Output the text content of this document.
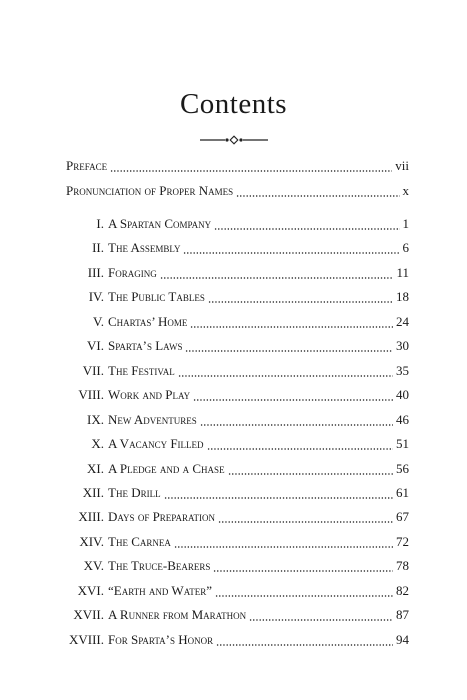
Contents
Preface	vii
Pronunciation of Proper Names	x
I. A Spartan Company	1
II. The Assembly	6
III. Foraging	11
IV. The Public Tables	18
V. Chartas’ Home	24
VI. Sparta’s Laws	30
VII. The Festival	35
VIII. Work and Play	40
IX. New Adventures	46
X. A Vacancy Filled	51
XI. A Pledge and a Chase	56
XII. The Drill	61
XIII. Days of Preparation	67
XIV. The Carnea	72
XV. The Truce-Bearers	78
XVI. “Earth and Water”	82
XVII. A Runner from Marathon	87
XVIII. For Sparta’s Honor	94
